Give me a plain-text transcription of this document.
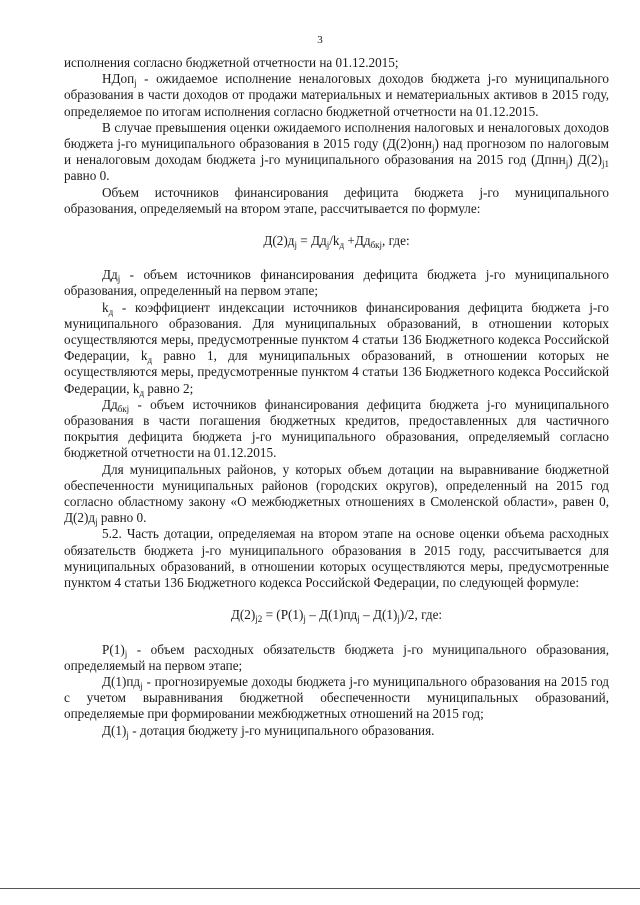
3

исполнения согласно бюджетной отчетности на 01.12.2015;

НДоп$_j$ - ожидаемое исполнение неналоговых доходов бюджета j-го муниципального образования в части доходов от продажи материальных и нематериальных активов в 2015 году, определяемое по итогам исполнения согласно бюджетной отчетности на 01.12.2015.

В случае превышения оценки ожидаемого исполнения налоговых и неналоговых доходов бюджета j-го муниципального образования в 2015 году (Д(2)онн$_j$) над прогнозом по налоговым и неналоговым доходам бюджета j-го муниципального образования на 2015 год (Дпнн$_j$) $Д(2)_{j1}$ равно 0.

Объем источников финансирования дефицита бюджета j-го муниципального образования, определяемый на втором этапе, рассчитывается по формуле:

$Д(2)д_j = Дд_j/k_д +Дд_{бкj}$, где:

$Дд_j$ - объем источников финансирования дефицита бюджета j-го муниципального образования, определенный на первом этапе;

$k_д$ - коэффициент индексации источников финансирования дефицита бюджета j-го муниципального образования. Для муниципальных образований, в отношении которых осуществляются меры, предусмотренные пунктом 4 статьи 136 Бюджетного кодекса Российской Федерации, $k_д$ равно 1, для муниципальных образований, в отношении которых не осуществляются меры, предусмотренные пунктом 4 статьи 136 Бюджетного кодекса Российской Федерации, $k_д$ равно 2;

$Дд_{бкj}$ - объем источников финансирования дефицита бюджета j-го муниципального образования в части погашения бюджетных кредитов, предоставленных для частичного покрытия дефицита бюджета j-го муниципального образования, определяемый согласно бюджетной отчетности на 01.12.2015.

Для муниципальных районов, у которых объем дотации на выравнивание бюджетной обеспеченности муниципальных районов (городских округов), определенный на 2015 год согласно областному закону «О межбюджетных отношениях в Смоленской области», равен 0, $Д(2)д_j$ равно 0.

5.2. Часть дотации, определяемая на втором этапе на основе оценки объема расходных обязательств бюджета j-го муниципального образования в 2015 году, рассчитывается для муниципальных образований, в отношении которых осуществляются меры, предусмотренные пунктом 4 статьи 136 Бюджетного кодекса Российской Федерации, по следующей формуле:

$Д(2)_{j2} = (Р(1)_j - Д(1)пд_j - Д(1)_j)/2$, где:

$Р(1)_j$ - объем расходных обязательств бюджета j-го муниципального образования, определяемый на первом этапе;

$Д(1)пд_j$ - прогнозируемые доходы бюджета j-го муниципального образования на 2015 год с учетом выравнивания бюджетной обеспеченности муниципальных образований, определяемые при формировании межбюджетных отношений на 2015 год;

$Д(1)_j$ - дотация бюджету j-го муниципального образования.
